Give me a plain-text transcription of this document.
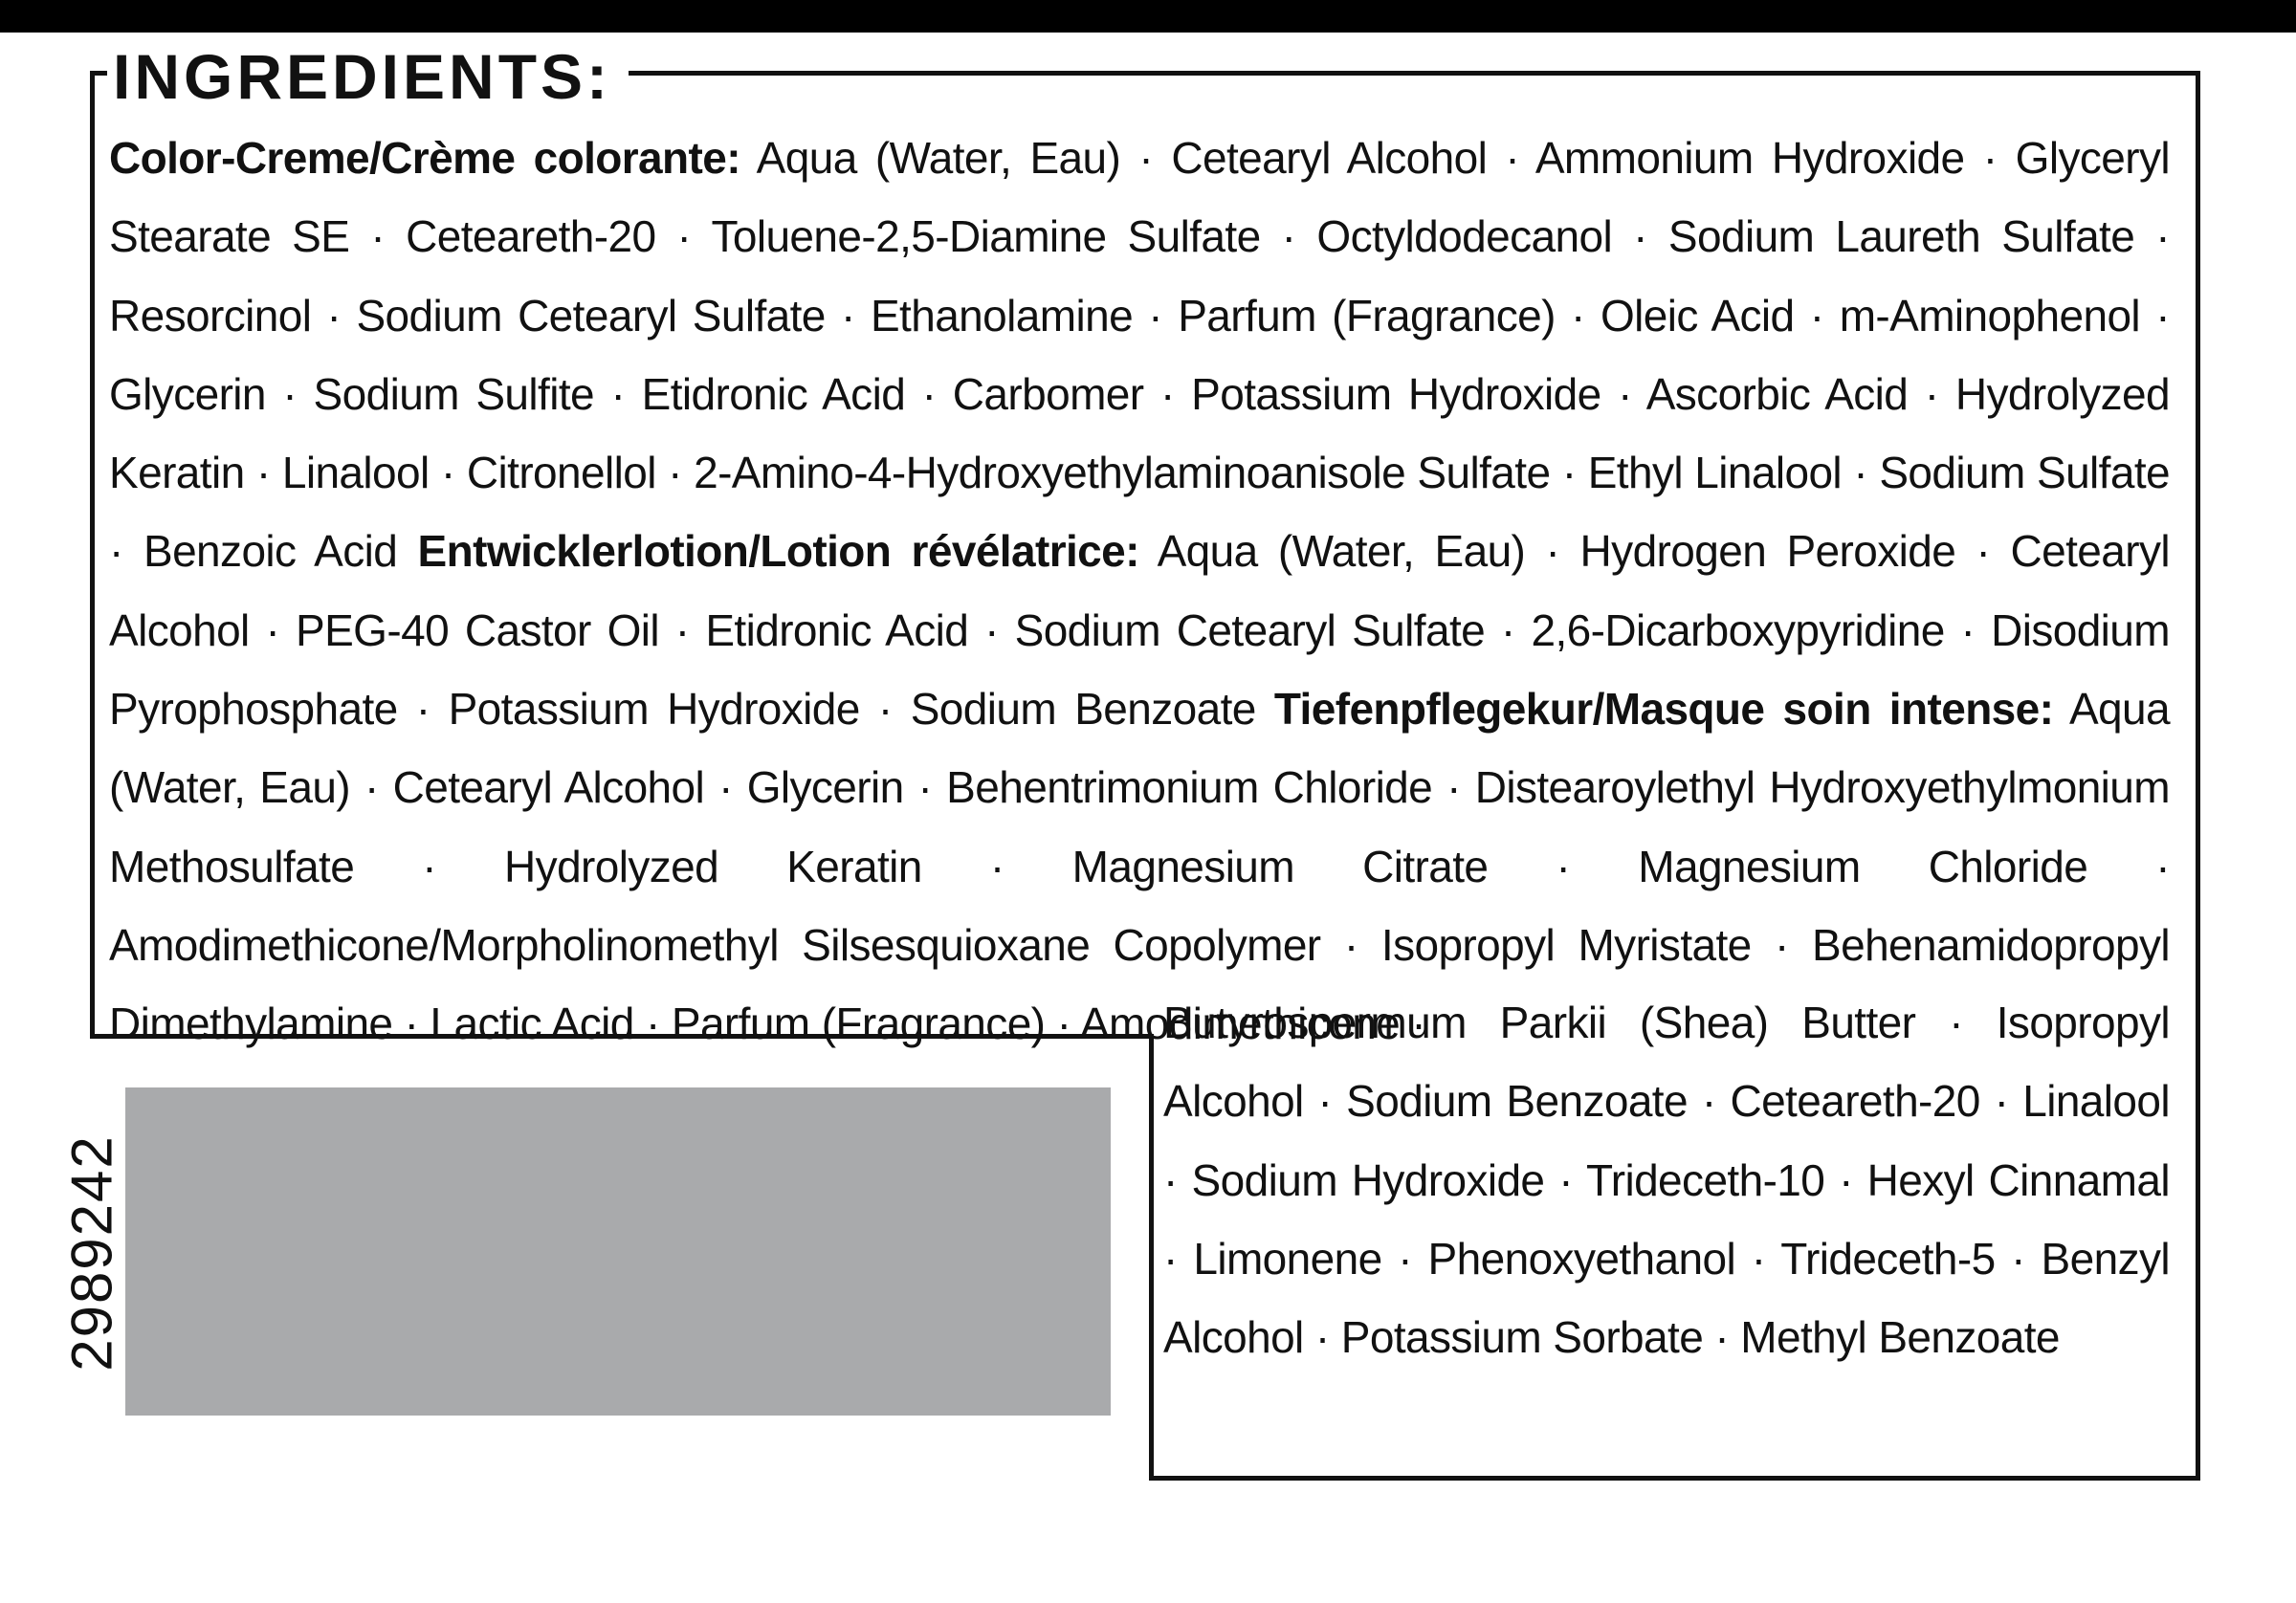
INGREDIENTS:
Color-Creme/Crème colorante: Aqua (Water, Eau) · Cetearyl Alcohol · Ammonium Hydroxide · Glyceryl Stearate SE · Ceteareth-20 · Toluene-2,5-Diamine Sulfate · Octyldodecanol · Sodium Laureth Sulfate · Resorcinol · Sodium Cetearyl Sulfate · Ethanolamine · Parfum (Fragrance) · Oleic Acid · m-Aminophenol · Glycerin · Sodium Sulfite · Etidronic Acid · Carbomer · Potassium Hydroxide · Ascorbic Acid · Hydrolyzed Keratin · Linalool · Citronellol · 2-Amino-4-Hydroxyethylaminoanisole Sulfate · Ethyl Linalool · Sodium Sulfate · Benzoic Acid Entwicklerlotion/Lotion révélatrice: Aqua (Water, Eau) · Hydrogen Peroxide · Cetearyl Alcohol · PEG-40 Castor Oil · Etidronic Acid · Sodium Cetearyl Sulfate · 2,6-Dicarboxypyridine · Disodium Pyrophosphate · Potassium Hydroxide · Sodium Benzoate Tiefenpflegekur/Masque soin intense: Aqua (Water, Eau) · Cetearyl Alcohol · Glycerin · Behentrimonium Chloride · Distearoylethyl Hydroxyethylmonium Methosulfate · Hydrolyzed Keratin · Magnesium Citrate · Magnesium Chloride · Amodimethicone/Morpholinomethyl Silsesquioxane Copolymer · Isopropyl Myristate · Behenamidopropyl Dimethylamine · Lactic Acid · Parfum (Fragrance) · Amodimethicone ·
Butyrospermum Parkii (Shea) Butter · Isopropyl Alcohol · Sodium Benzoate · Ceteareth-20 · Linalool · Sodium Hydroxide · Trideceth-10 · Hexyl Cinnamal · Limonene · Phenoxyethanol · Trideceth-5 · Benzyl Alcohol · Potassium Sorbate · Methyl Benzoate
2989242
